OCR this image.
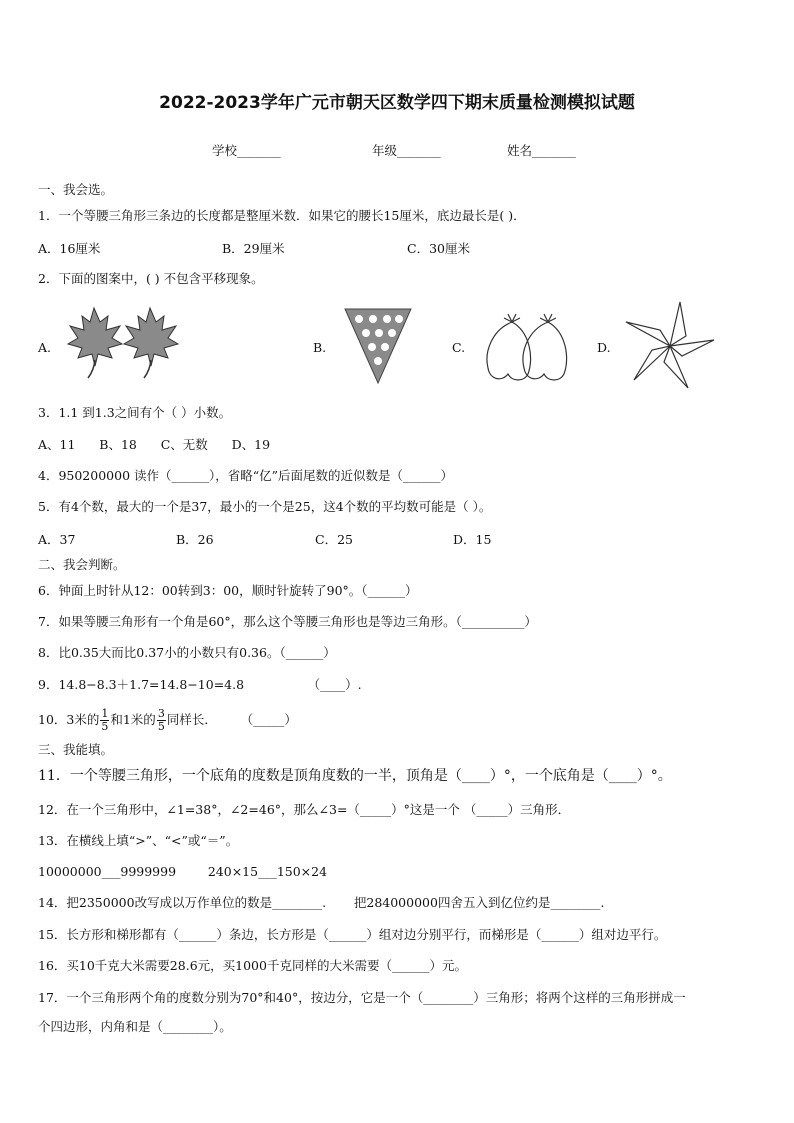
2022-2023学年广元市朝天区数学四下期末质量检测模拟试题
学校_______	年级_______	姓名_______
一、我会选。
1．一个等腰三角形三条边的长度都是整厘米数．如果它的腰长15厘米，底边最长是( )．
A．16厘米	B．29厘米	C．30厘米
2．下面的图案中，( ) 不包含平移现象。
A.	B.	C.	D.
3．1.1 到1.3之间有个（ ）小数。
A、11      B、18      C、无数      D、19
4．950200000 读作（______），省略“亿”后面尾数的近似数是（______）
5．有4个数，最大的一个是37，最小的一个是25，这4个数的平均数可能是（ ）。
A．37	B．26	C．25	D．15
二、我会判断。
6．钟面上时针从12：00转到3：00，顺时针旋转了90°。（______）
7．如果等腰三角形有一个角是60°，那么这个等腰三角形也是等边三角形。（__________）
8．比0.35大而比0.37小的小数只有0.36。（______）
9．14.8−8.3＋1.7=14.8−10=4.8                （____）.
10．3米的 $\frac{1}{5}$ 和1米的 $\frac{3}{5}$ 同样长．      （_____）
三、我能填。
11．一个等腰三角形，一个底角的度数是顶角度数的一半，顶角是（____）°，一个底角是（____）°。
12．在一个三角形中，∠1=38°，∠2=46°，那么∠3=（_____）°这是一个 （_____）三角形．
13．在横线上填“>”、“<”或“＝”。
10000000___9999999        240×15___150×24
14．把2350000改写成以万作单位的数是________.       把284000000四舍五入到亿位约是________.
15．长方形和梯形都有（______）条边，长方形是（______）组对边分别平行，而梯形是（______）组对边平行。
16．买10千克大米需要28.6元，买1000千克同样的大米需要（______）元。
17．一个三角形两个角的度数分别为70°和40°，按边分，它是一个（________）三角形；将两个这样的三角形拼成一
个四边形，内角和是（________）。
